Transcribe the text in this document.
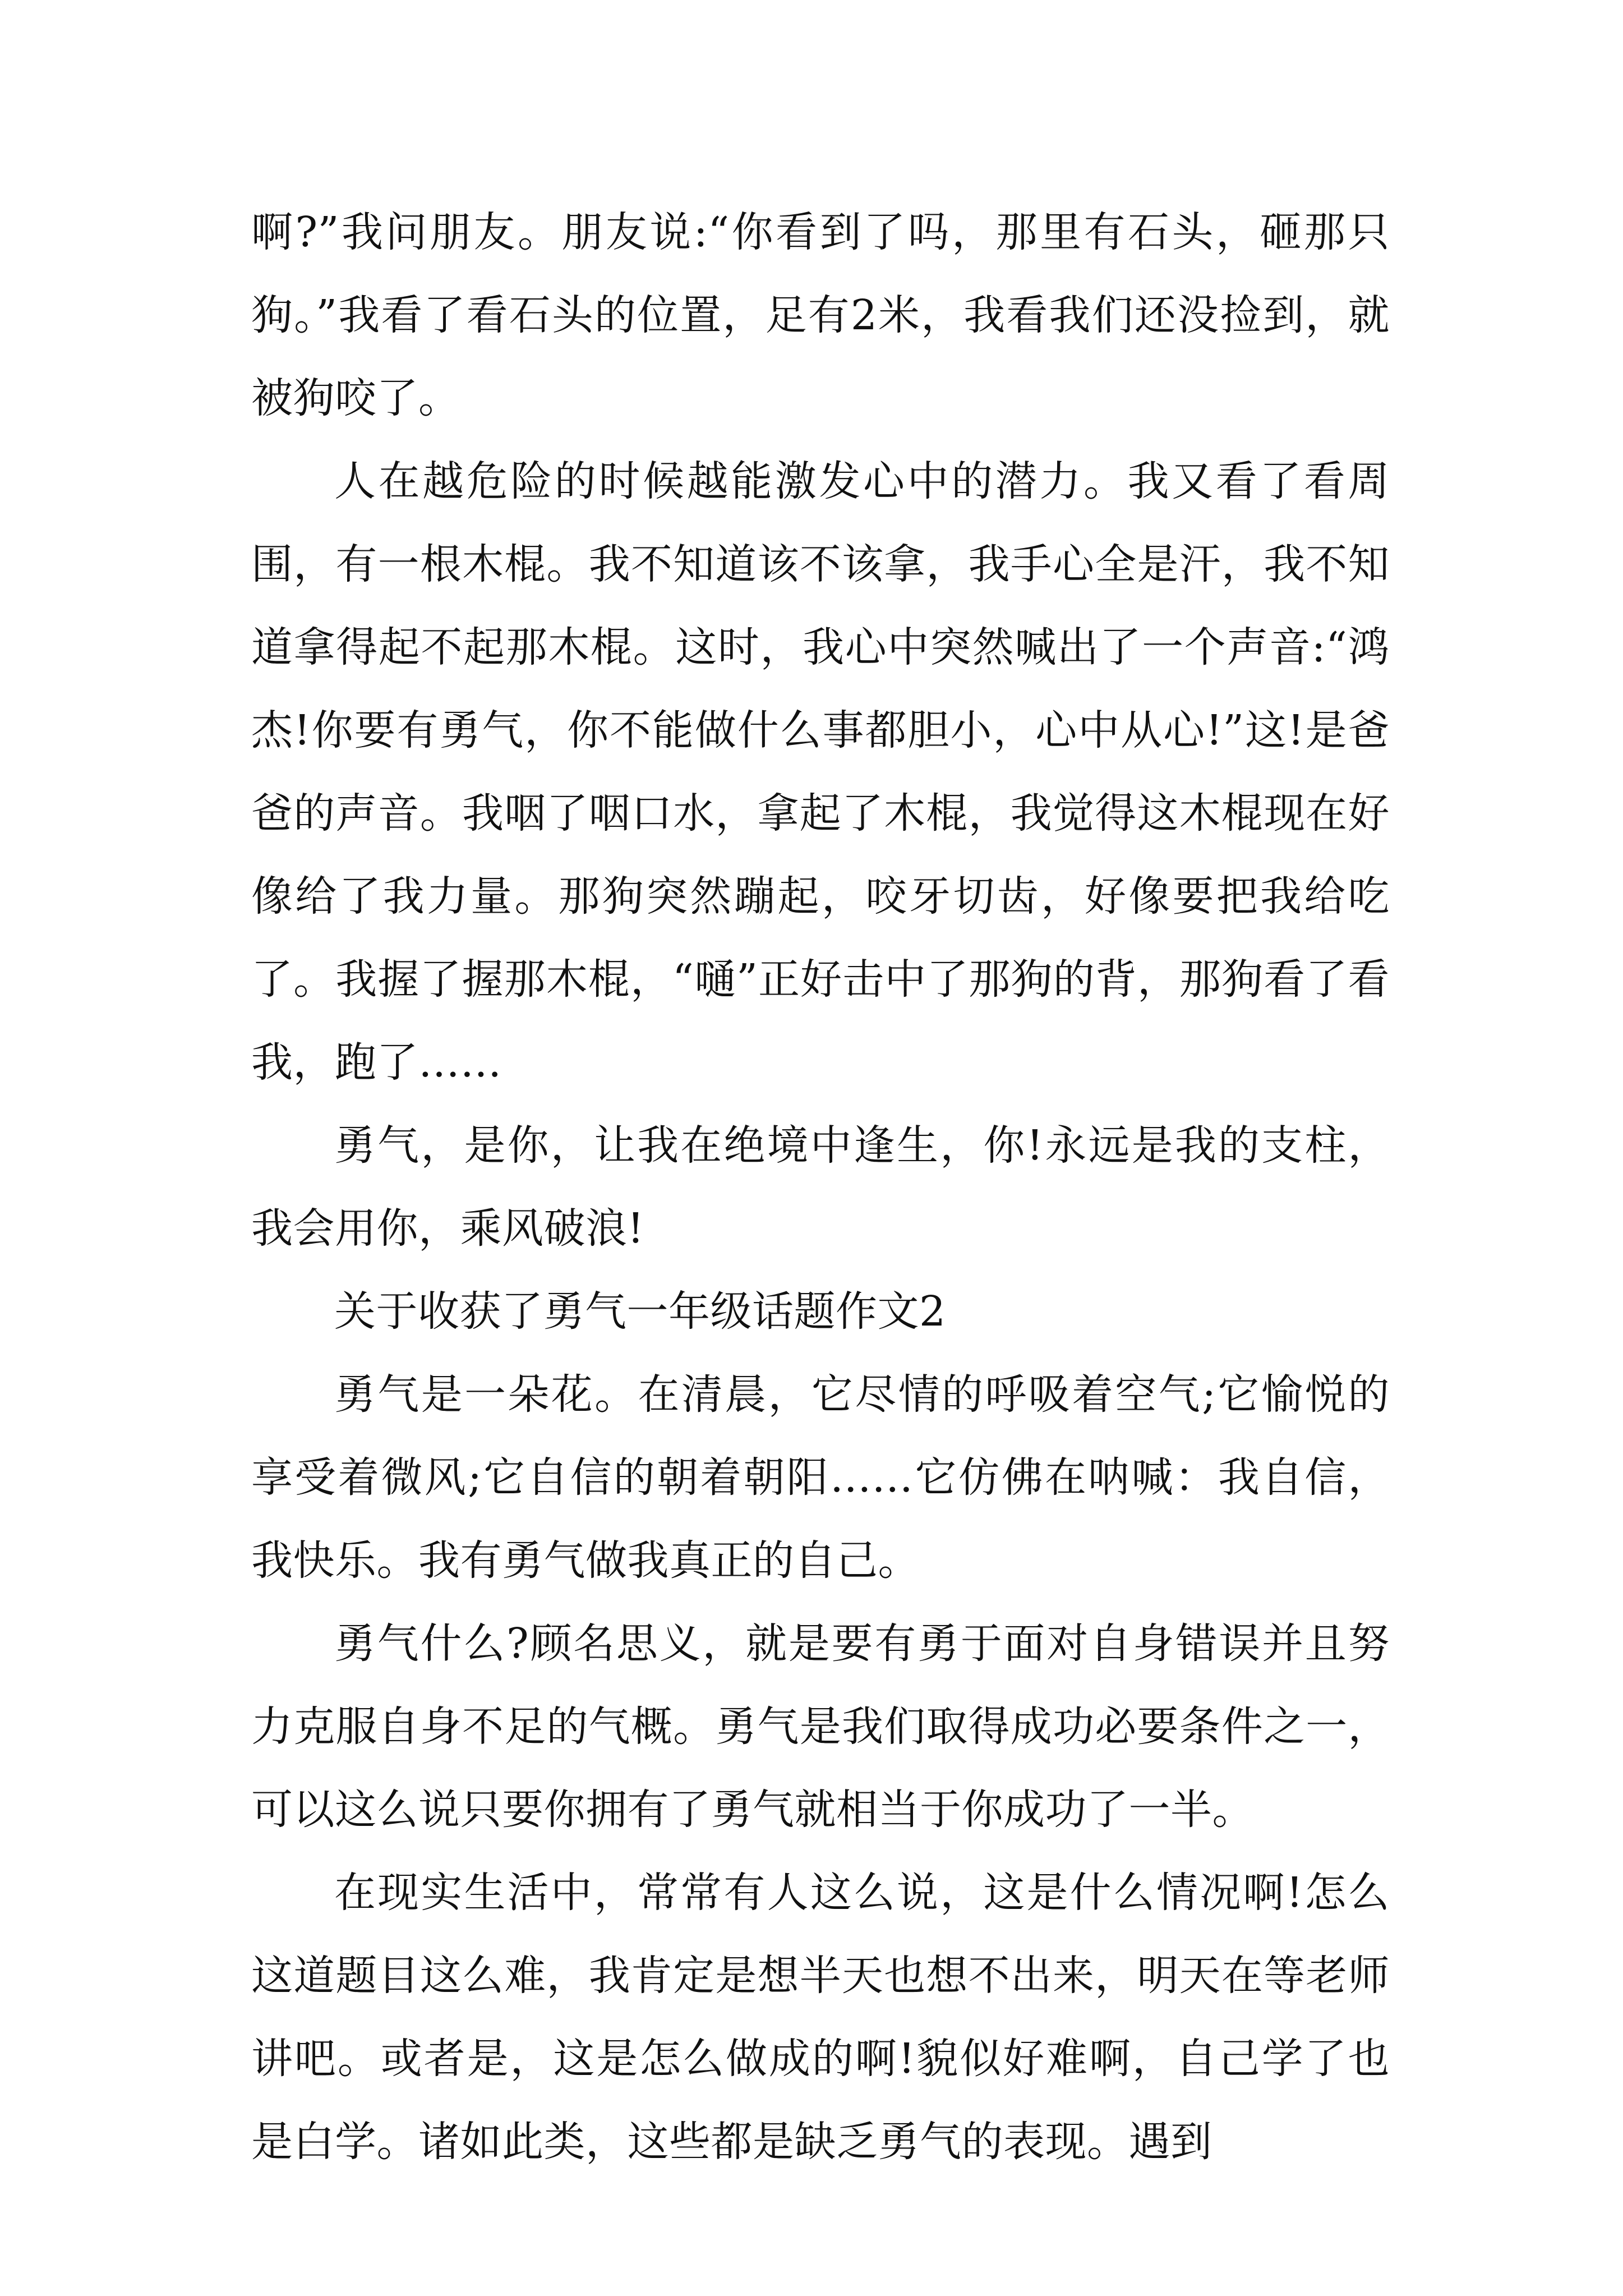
啊?”我问朋友。朋友说:“你看到了吗，那里有石头，砸那只狗。”我看了看石头的位置，足有2米，我看我们还没捡到，就被狗咬了。

人在越危险的时候越能激发心中的潜力。我又看了看周围，有一根木棍。我不知道该不该拿，我手心全是汗，我不知道拿得起不起那木棍。这时，我心中突然喊出了一个声音:“鸿杰!你要有勇气，你不能做什么事都胆小，心中从心!”这!是爸爸的声音。我咽了咽口水，拿起了木棍，我觉得这木棍现在好像给了我力量。那狗突然蹦起，咬牙切齿，好像要把我给吃了。我握了握那木棍，“嗵”正好击中了那狗的背，那狗看了看我，跑了……

勇气，是你，让我在绝境中逢生，你!永远是我的支柱，我会用你，乘风破浪!

关于收获了勇气一年级话题作文2

勇气是一朵花。在清晨，它尽情的呼吸着空气;它愉悦的享受着微风;它自信的朝着朝阳……它仿佛在呐喊：我自信，我快乐。我有勇气做我真正的自己。

勇气什么?顾名思义，就是要有勇于面对自身错误并且努力克服自身不足的气概。勇气是我们取得成功必要条件之一，可以这么说只要你拥有了勇气就相当于你成功了一半。

在现实生活中，常常有人这么说，这是什么情况啊!怎么这道题目这么难，我肯定是想半天也想不出来，明天在等老师讲吧。或者是，这是怎么做成的啊!貌似好难啊，自己学了也是白学。诸如此类，这些都是缺乏勇气的表现。遇到
